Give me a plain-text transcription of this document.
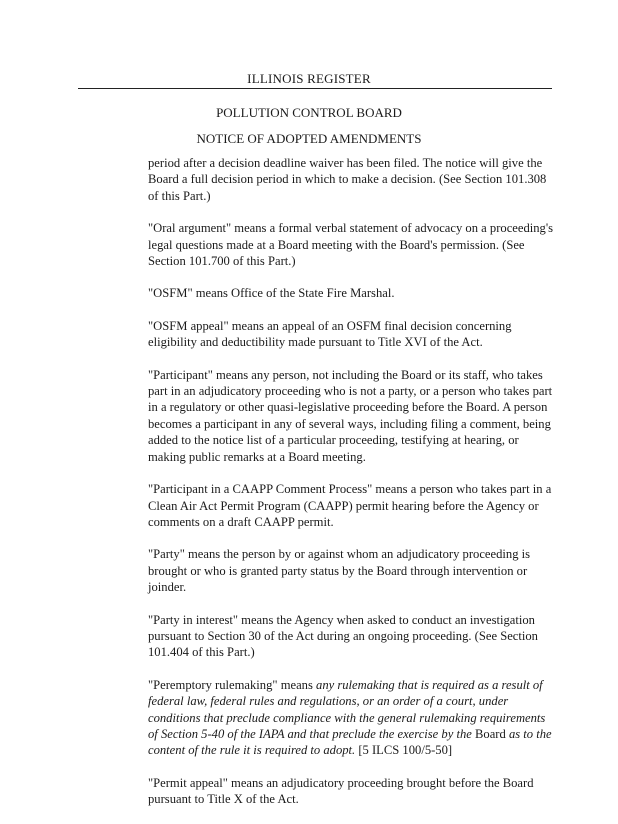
ILLINOIS REGISTER
POLLUTION CONTROL BOARD
NOTICE OF ADOPTED AMENDMENTS

period after a decision deadline waiver has been filed. The notice will give the Board a full decision period in which to make a decision. (See Section 101.308 of this Part.)

"Oral argument" means a formal verbal statement of advocacy on a proceeding's legal questions made at a Board meeting with the Board's permission. (See Section 101.700 of this Part.)

"OSFM" means Office of the State Fire Marshal.

"OSFM appeal" means an appeal of an OSFM final decision concerning eligibility and deductibility made pursuant to Title XVI of the Act.

"Participant" means any person, not including the Board or its staff, who takes part in an adjudicatory proceeding who is not a party, or a person who takes part in a regulatory or other quasi-legislative proceeding before the Board. A person becomes a participant in any of several ways, including filing a comment, being added to the notice list of a particular proceeding, testifying at hearing, or making public remarks at a Board meeting.

"Participant in a CAAPP Comment Process" means a person who takes part in a Clean Air Act Permit Program (CAAPP) permit hearing before the Agency or comments on a draft CAAPP permit.

"Party" means the person by or against whom an adjudicatory proceeding is brought or who is granted party status by the Board through intervention or joinder.

"Party in interest" means the Agency when asked to conduct an investigation pursuant to Section 30 of the Act during an ongoing proceeding. (See Section 101.404 of this Part.)

"Peremptory rulemaking" means any rulemaking that is required as a result of federal law, federal rules and regulations, or an order of a court, under conditions that preclude compliance with the general rulemaking requirements of Section 5-40 of the IAPA and that preclude the exercise by the Board as to the content of the rule it is required to adopt. [5 ILCS 100/5-50]

"Permit appeal" means an adjudicatory proceeding brought before the Board pursuant to Title X of the Act.
